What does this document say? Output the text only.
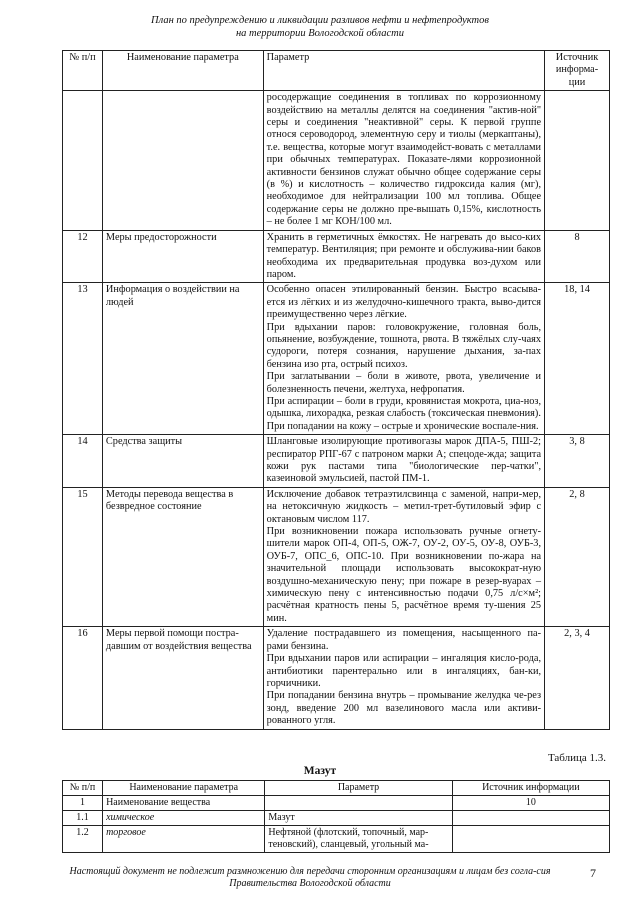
План по предупреждению и ликвидации разливов нефти и нефтепродуктов
на территории Вологодской области
№ п/п	Наименование параметра	Параметр	Источник информа-ции
		росодержащие соединения в топливах по коррозионному воздействию на металлы делятся на соединения "актив-ной" серы и соединения "неактивной" серы. К первой группе относя сероводород, элементную серу и тиолы (меркаптаны), т.е. вещества, которые могут взаимодейст-вовать с металлами при обычных температурах. Показате-лями коррозионной активности бензинов служат обычно общее содержание серы (в %) и кислотность – количество гидроксида калия (мг), необходимое для нейтрализации 100 мл топлива. Общее содержание серы не должно пре-вышать 0,15%, кислотность – не более 1 мг КОН/100 мл.	
12	Меры предосторожности	Хранить в герметичных ёмкостях. Не нагревать до высо-ких температур. Вентиляция; при ремонте и обслужива-нии баков необходима их предварительная продувка воз-духом или паром.	8
13	Информация о воздействии на людей	Особенно опасен этилированный бензин. Быстро всасыва-ется из лёгких и из желудочно-кишечного тракта, выво-дится преимущественно через лёгкие.
При вдыхании паров: головокружение, головная боль, опьянение, возбуждение, тошнота, рвота. В тяжёлых слу-чаях судороги, потеря сознания, нарушение дыхания, за-пах бензина изо рта, острый психоз.
При заглатывании – боли в животе, рвота, увеличение и болезненность печени, желтуха, нефропатия.
При аспирации – боли в груди, кровянистая мокрота, циа-ноз, одышка, лихорадка, резкая слабость (токсическая пневмония).
При попадании на кожу – острые и хронические воспале-ния.	18, 14
14	Средства защиты	Шланговые изолирующие противогазы марок ДПА-5, ПШ-2; респиратор РПГ-67 с патроном марки А; спецоде-жда; защита кожи рук пастами типа "биологические пер-чатки", казеиновой эмульсией, пастой ПМ-1.	3, 8
15	Методы перевода вещества в безвредное состояние	Исключение добавок тетраэтилсвинца с заменой, напри-мер, на нетоксичную жидкость – метил-трет-бутиловый эфир с октановым числом 117.
При возникновении пожара использовать ручные огнету-шители марок ОП-4, ОП-5, ОЖ-7, ОУ-2, ОУ-5, ОУ-8, ОУБ-3, ОУБ-7, ОПС_6, ОПС-10. При возникновении по-жара на значительной площади использовать высокократ-ную воздушно-механическую пену; при пожаре в резер-вуарах – химическую пену с интенсивностью подачи 0,75 л/с×м²; расчётная кратность пены 5, расчётное время ту-шения 25 мин.	2, 8
16	Меры первой помощи постра-давшим от воздействия вещества	Удаление пострадавшего из помещения, насыщенного па-рами бензина.
При вдыхании паров или аспирации – ингаляция кисло-рода, антибиотики парентерально или в ингаляциях, бан-ки, горчичники.
При попадании бензина внутрь – промывание желудка че-рез зонд, введение 200 мл вазелинового масла или активи-рованного угля.	2, 3, 4
Таблица 1.3.
Мазут
№ п/п	Наименование параметра	Параметр	Источник информации
1	Наименование вещества		10
1.1	химическое	Мазут	
1.2	торговое	Нефтяной (флотский, топочный, мар-теновский), сланцевый, угольный ма-	
Настоящий документ не подлежит размножению для передачи сторонним организациям и лицам без согла-сия Правительства Вологодской области
7
